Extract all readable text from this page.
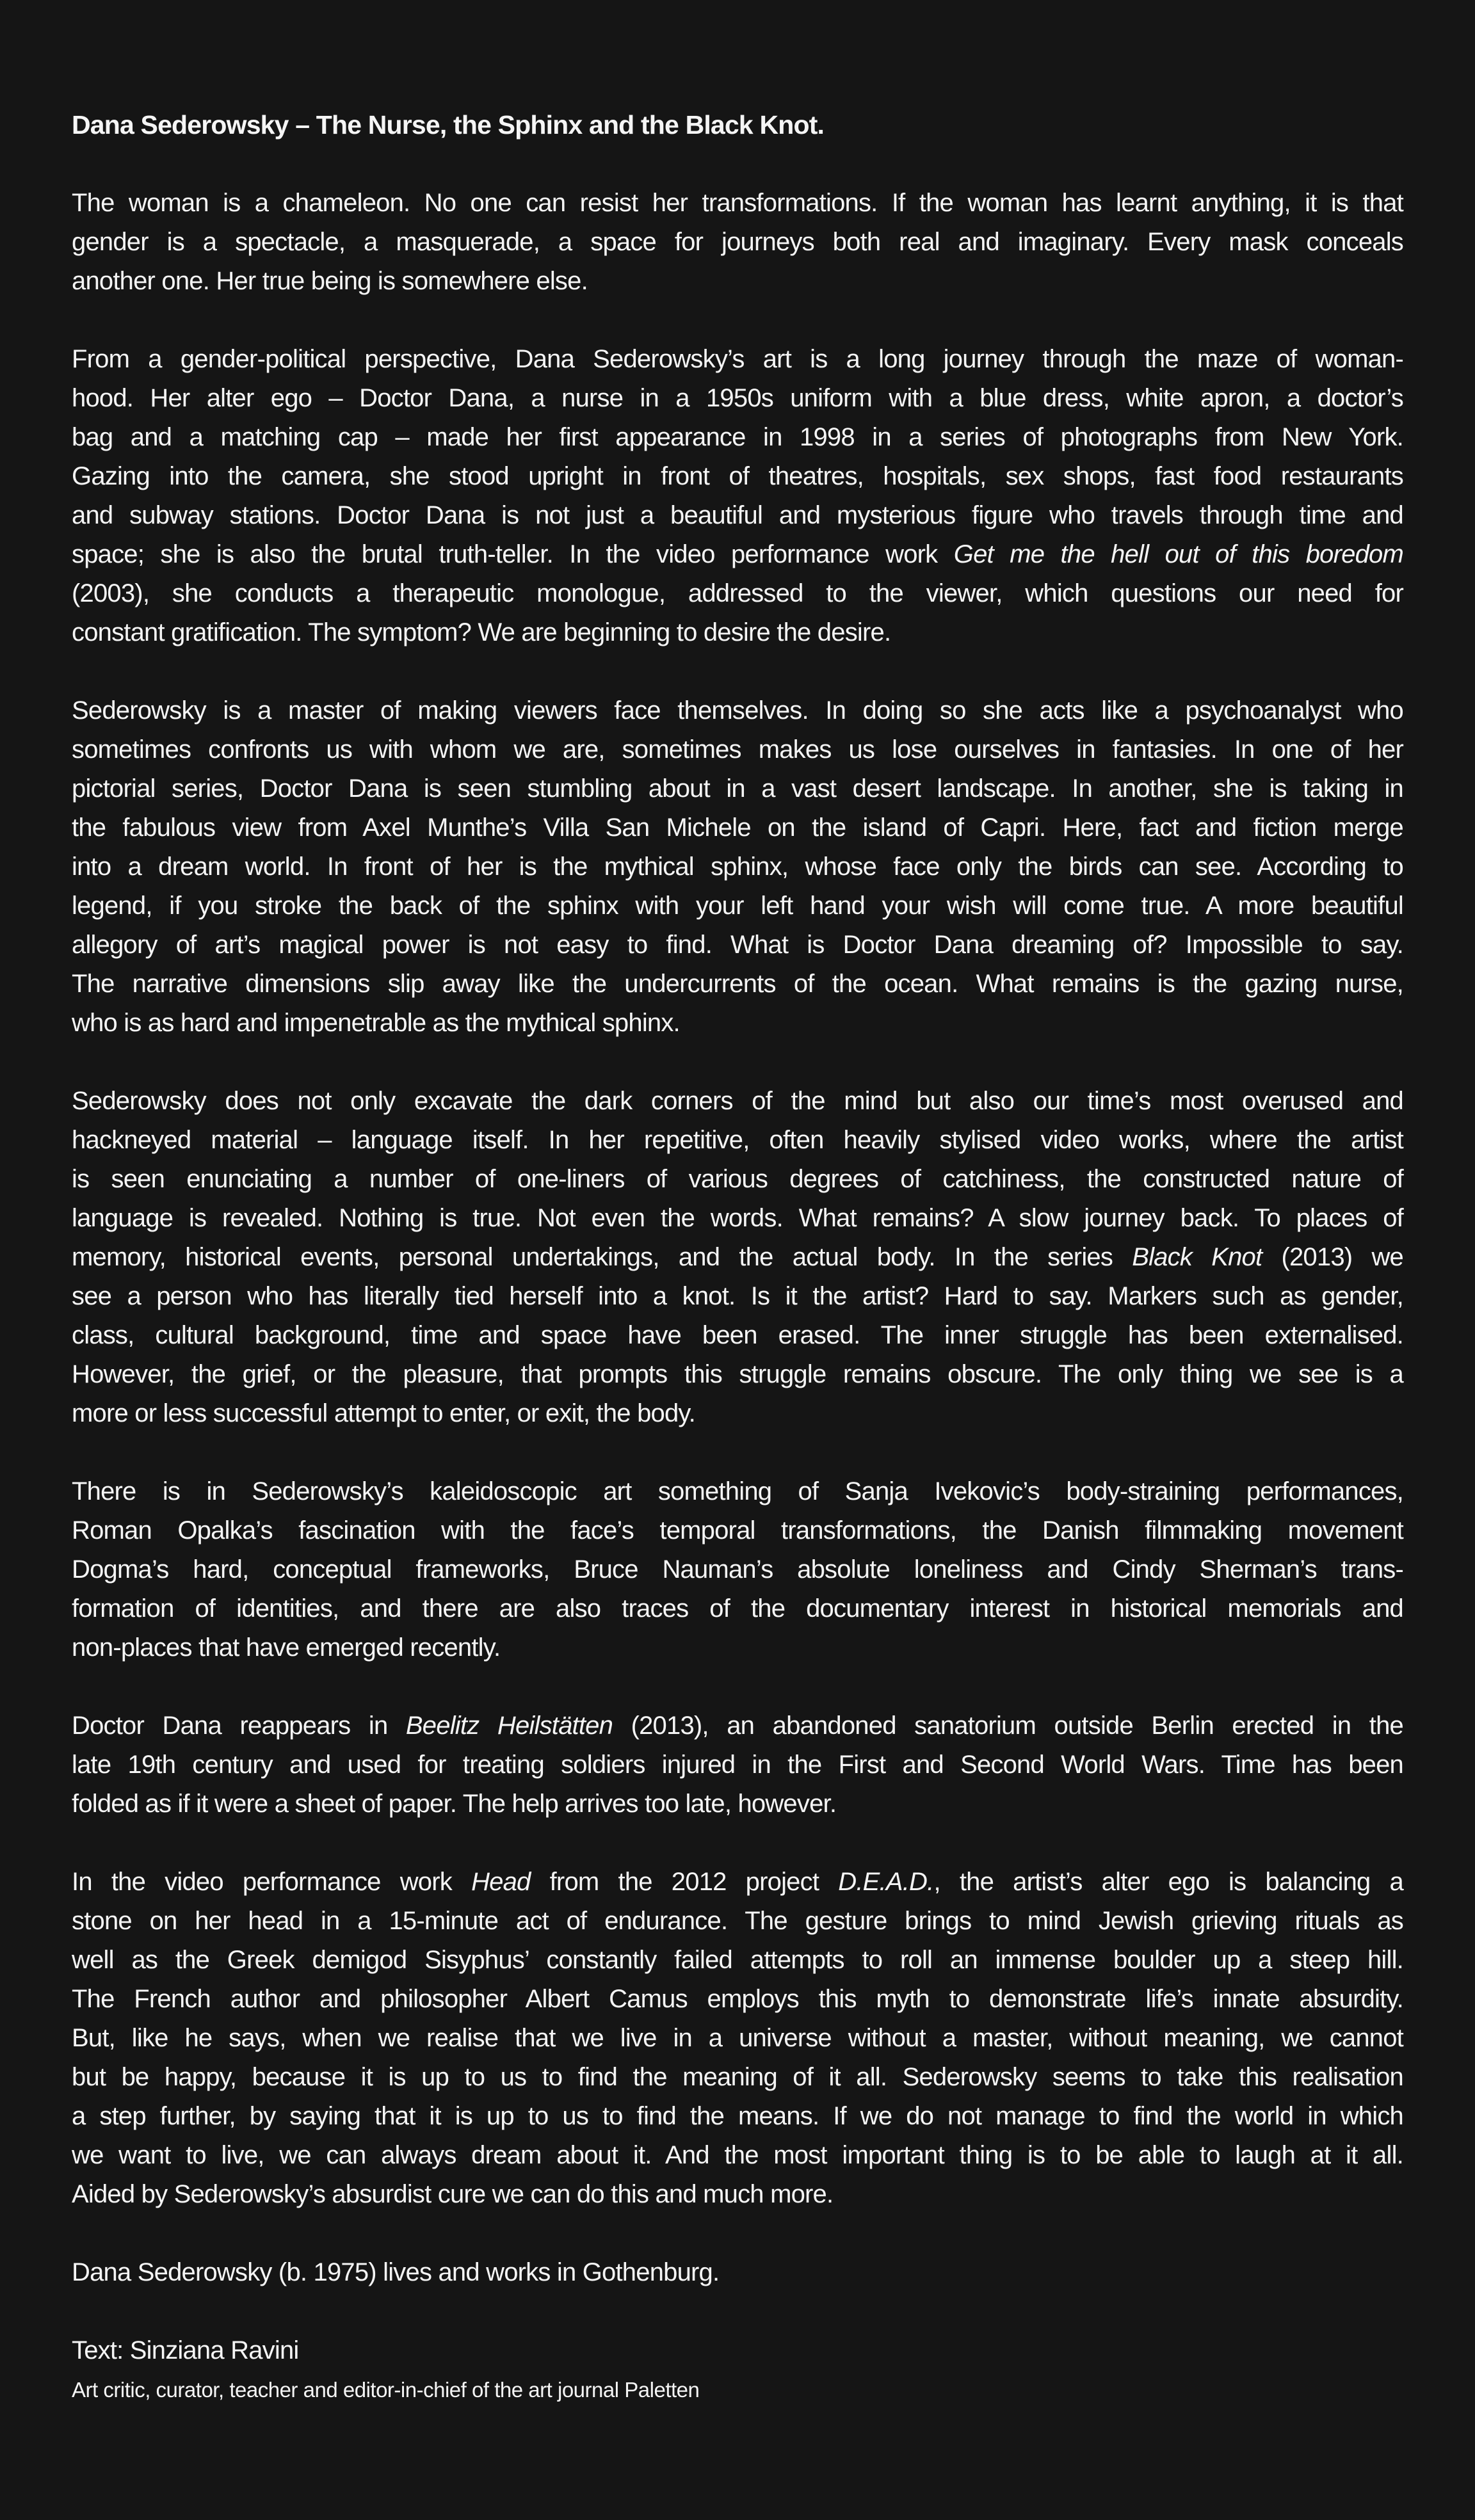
Dana Sederowsky – The Nurse, the Sphinx and the Black Knot.
The woman is a chameleon. No one can resist her transformations. If the woman has learnt anything, it is that
gender is a spectacle, a masquerade, a space for journeys both real and imaginary. Every mask conceals
another one. Her true being is somewhere else.
From a gender-political perspective, Dana Sederowsky’s art is a long journey through the maze of woman-
hood. Her alter ego – Doctor Dana, a nurse in a 1950s uniform with a blue dress, white apron, a doctor’s
bag and a matching cap – made her first appearance in 1998 in a series of photographs from New York.
Gazing into the camera, she stood upright in front of theatres, hospitals, sex shops, fast food restaurants
and subway stations. Doctor Dana is not just a beautiful and mysterious figure who travels through time and
space; she is also the brutal truth-teller. In the video performance work Get me the hell out of this boredom
(2003), she conducts a therapeutic monologue, addressed to the viewer, which questions our need for
constant gratification. The symptom? We are beginning to desire the desire.
Sederowsky is a master of making viewers face themselves. In doing so she acts like a psychoanalyst who
sometimes confronts us with whom we are, sometimes makes us lose ourselves in fantasies. In one of her
pictorial series, Doctor Dana is seen stumbling about in a vast desert landscape. In another, she is taking in
the fabulous view from Axel Munthe’s Villa San Michele on the island of Capri. Here, fact and fiction merge
into a dream world. In front of her is the mythical sphinx, whose face only the birds can see. According to
legend, if you stroke the back of the sphinx with your left hand your wish will come true. A more beautiful
allegory of art’s magical power is not easy to find. What is Doctor Dana dreaming of? Impossible to say.
The narrative dimensions slip away like the undercurrents of the ocean. What remains is the gazing nurse,
who is as hard and impenetrable as the mythical sphinx.
Sederowsky does not only excavate the dark corners of the mind but also our time’s most overused and
hackneyed material – language itself. In her repetitive, often heavily stylised video works, where the artist
is seen enunciating a number of one-liners of various degrees of catchiness, the constructed nature of
language is revealed. Nothing is true. Not even the words. What remains? A slow journey back. To places of
memory, historical events, personal undertakings, and the actual body. In the series Black Knot (2013) we
see a person who has literally tied herself into a knot. Is it the artist? Hard to say. Markers such as gender,
class, cultural background, time and space have been erased. The inner struggle has been externalised.
However, the grief, or the pleasure, that prompts this struggle remains obscure. The only thing we see is a
more or less successful attempt to enter, or exit, the body.
There is in Sederowsky’s kaleidoscopic art something of Sanja Ivekovic’s body-straining performances,
Roman Opalka’s fascination with the face’s temporal transformations, the Danish filmmaking movement
Dogma’s hard, conceptual frameworks, Bruce Nauman’s absolute loneliness and Cindy Sherman’s trans-
formation of identities, and there are also traces of the documentary interest in historical memorials and
non-places that have emerged recently.
Doctor Dana reappears in Beelitz Heilstätten (2013), an abandoned sanatorium outside Berlin erected in the
late 19th century and used for treating soldiers injured in the First and Second World Wars. Time has been
folded as if it were a sheet of paper. The help arrives too late, however.
In the video performance work Head from the 2012 project D.E.A.D., the artist’s alter ego is balancing a
stone on her head in a 15-minute act of endurance. The gesture brings to mind Jewish grieving rituals as
well as the Greek demigod Sisyphus’ constantly failed attempts to roll an immense boulder up a steep hill.
The French author and philosopher Albert Camus employs this myth to demonstrate life’s innate absurdity.
But, like he says, when we realise that we live in a universe without a master, without meaning, we cannot
but be happy, because it is up to us to find the meaning of it all. Sederowsky seems to take this realisation
a step further, by saying that it is up to us to find the means. If we do not manage to find the world in which
we want to live, we can always dream about it. And the most important thing is to be able to laugh at it all.
Aided by Sederowsky’s absurdist cure we can do this and much more.
Dana Sederowsky (b. 1975) lives and works in Gothenburg.
Text: Sinziana Ravini
Art critic, curator, teacher and editor-in-chief of the art journal Paletten
